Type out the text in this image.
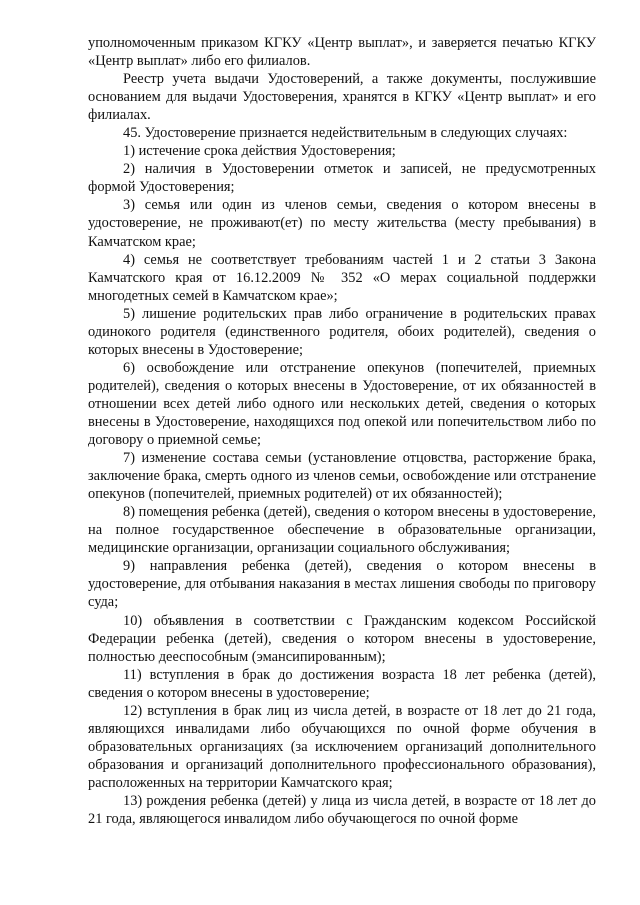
уполномоченным приказом КГКУ «Центр выплат», и заверяется печатью КГКУ «Центр выплат» либо его филиалов.

Реестр учета выдачи Удостоверений, а также документы, послужившие основанием для выдачи Удостоверения, хранятся в КГКУ «Центр выплат» и его филиалах.

45. Удостоверение признается недействительным в следующих случаях:

1) истечение срока действия Удостоверения;

2) наличия в Удостоверении отметок и записей, не предусмотренных формой Удостоверения;

3) семья или один из членов семьи, сведения о котором внесены в удостоверение, не проживают(ет) по месту жительства (месту пребывания) в Камчатском крае;

4) семья не соответствует требованиям частей 1 и 2 статьи 3 Закона Камчатского края от 16.12.2009 № 352 «О мерах социальной поддержки многодетных семей в Камчатском крае»;

5) лишение родительских прав либо ограничение в родительских правах одинокого родителя (единственного родителя, обоих родителей), сведения о которых внесены в Удостоверение;

6) освобождение или отстранение опекунов (попечителей, приемных родителей), сведения о которых внесены в Удостоверение, от их обязанностей в отношении всех детей либо одного или нескольких детей, сведения о которых внесены в Удостоверение, находящихся под опекой или попечительством либо по договору о приемной семье;

7) изменение состава семьи (установление отцовства, расторжение брака, заключение брака, смерть одного из членов семьи, освобождение или отстранение опекунов (попечителей, приемных родителей) от их обязанностей);

8) помещения ребенка (детей), сведения о котором внесены в удостоверение, на полное государственное обеспечение в образовательные организации, медицинские организации, организации социального обслуживания;

9) направления ребенка (детей), сведения о котором внесены в удостоверение, для отбывания наказания в местах лишения свободы по приговору суда;

10) объявления в соответствии с Гражданским кодексом Российской Федерации ребенка (детей), сведения о котором внесены в удостоверение, полностью дееспособным (эмансипированным);

11) вступления в брак до достижения возраста 18 лет ребенка (детей), сведения о котором внесены в удостоверение;

12) вступления в брак лиц из числа детей, в возрасте от 18 лет до 21 года, являющихся инвалидами либо обучающихся по очной форме обучения в образовательных организациях (за исключением организаций дополнительного образования и организаций дополнительного профессионального образования), расположенных на территории Камчатского края;

13) рождения ребенка (детей) у лица из числа детей, в возрасте от 18 лет до 21 года, являющегося инвалидом либо обучающегося по очной форме
